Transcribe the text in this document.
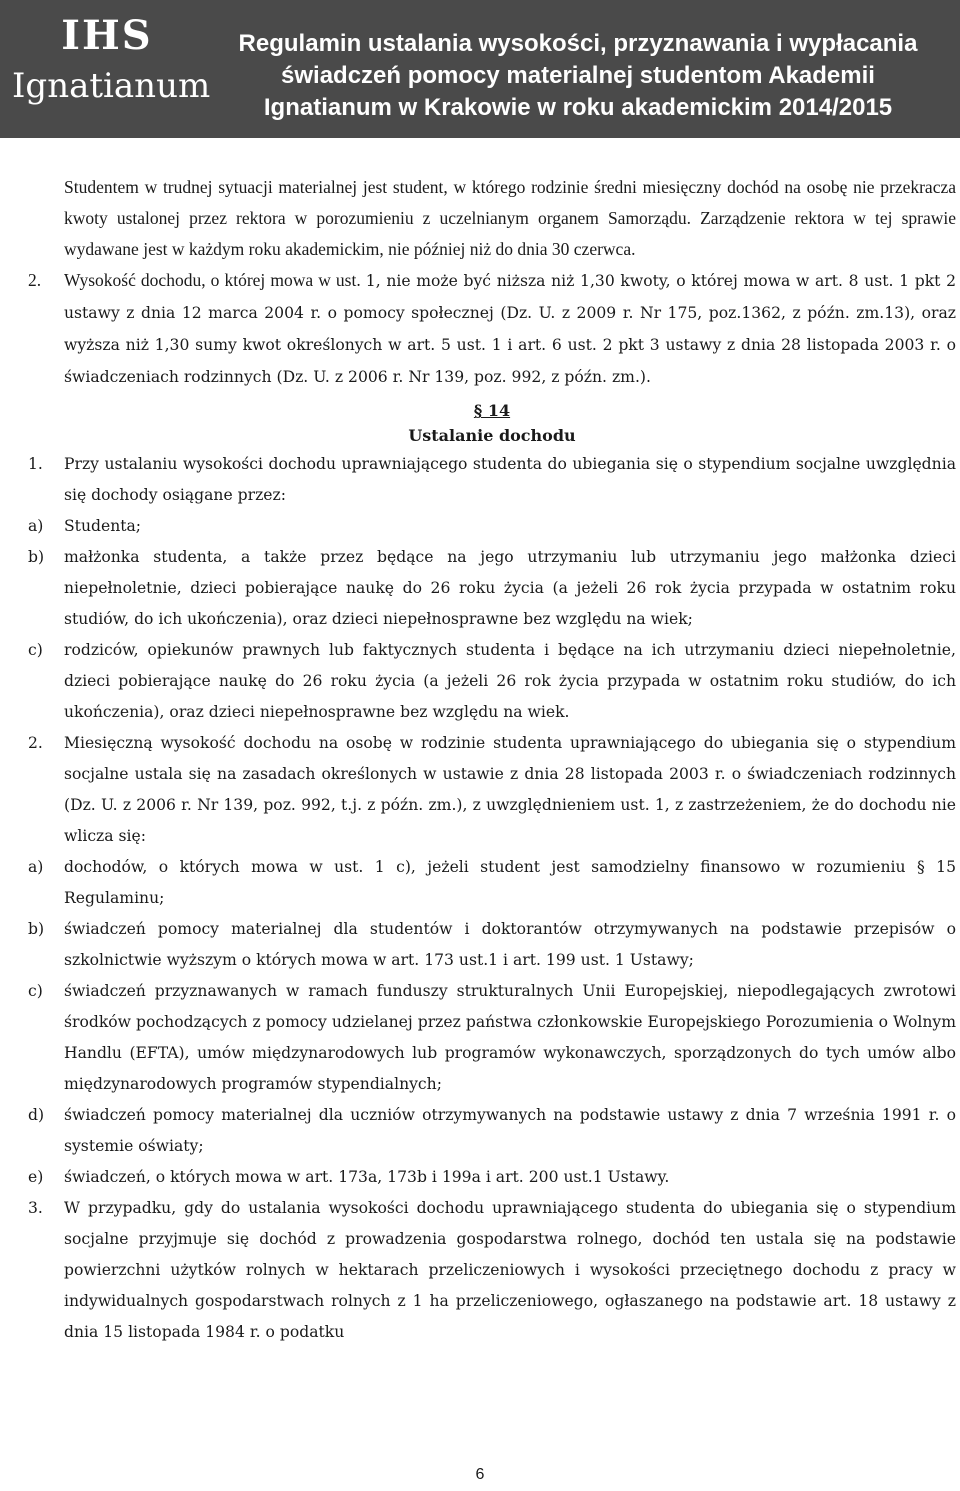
IHS
Ignatianum
Regulamin ustalania wysokości, przyznawania i wypłacania
świadczeń pomocy materialnej studentom Akademii
Ignatianum w Krakowie w roku akademickim 2014/2015

Studentem w trudnej sytuacji materialnej jest student, w którego rodzinie średni miesięczny dochód na osobę nie przekracza kwoty ustalonej przez rektora w porozumieniu z uczelnianym organem Samorządu. Zarządzenie rektora w tej sprawie wydawane jest w każdym roku akademickim, nie później niż do dnia 30 czerwca.

2. Wysokość dochodu, o której mowa w ust. 1, nie może być niższa niż 1,30 kwoty, o której mowa w art. 8 ust. 1 pkt 2 ustawy z dnia 12 marca 2004 r. o pomocy społecznej (Dz. U. z 2009 r. Nr 175, poz.1362, z późn. zm.13), oraz wyższa niż 1,30 sumy kwot określonych w art. 5 ust. 1 i art. 6 ust. 2 pkt 3 ustawy z dnia 28 listopada 2003 r. o świadczeniach rodzinnych (Dz. U. z 2006 r. Nr 139, poz. 992, z późn. zm.).

§ 14
Ustalanie dochodu

1. Przy ustalaniu wysokości dochodu uprawniającego studenta do ubiegania się o stypendium socjalne uwzględnia się dochody osiągane przez:

a) Studenta;

b) małżonka studenta, a także przez będące na jego utrzymaniu lub utrzymaniu jego małżonka dzieci niepełnoletnie, dzieci pobierające naukę do 26 roku życia (a jeżeli 26 rok życia przypada w ostatnim roku studiów, do ich ukończenia), oraz dzieci niepełnosprawne bez względu na wiek;

c) rodziców, opiekunów prawnych lub faktycznych studenta i będące na ich utrzymaniu dzieci niepełnoletnie, dzieci pobierające naukę do 26 roku życia (a jeżeli 26 rok życia przypada w ostatnim roku studiów, do ich ukończenia), oraz dzieci niepełnosprawne bez względu na wiek.

2. Miesięczną wysokość dochodu na osobę w rodzinie studenta uprawniającego do ubiegania się o stypendium socjalne ustala się na zasadach określonych w ustawie z dnia 28 listopada 2003 r. o świadczeniach rodzinnych (Dz. U. z 2006 r. Nr 139, poz. 992, t.j. z późn. zm.), z uwzględnieniem ust. 1, z zastrzeżeniem, że do dochodu nie wlicza się:

a) dochodów, o których mowa w ust. 1 c), jeżeli student jest samodzielny finansowo w rozumieniu § 15 Regulaminu;

b) świadczeń pomocy materialnej dla studentów i doktorantów otrzymywanych na podstawie przepisów o szkolnictwie wyższym o których mowa w art. 173 ust.1 i art. 199 ust. 1 Ustawy;

c) świadczeń przyznawanych w ramach funduszy strukturalnych Unii Europejskiej, niepodlegających zwrotowi środków pochodzących z pomocy udzielanej przez państwa członkowskie Europejskiego Porozumienia o Wolnym Handlu (EFTA), umów międzynarodowych lub programów wykonawczych, sporządzonych do tych umów albo międzynarodowych programów stypendialnych;

d) świadczeń pomocy materialnej dla uczniów otrzymywanych na podstawie ustawy z dnia 7 września 1991 r. o systemie oświaty;

e) świadczeń, o których mowa w art. 173a, 173b i 199a i art. 200 ust.1 Ustawy.

3. W przypadku, gdy do ustalania wysokości dochodu uprawniającego studenta do ubiegania się o stypendium socjalne przyjmuje się dochód z prowadzenia gospodarstwa rolnego, dochód ten ustala się na podstawie powierzchni użytków rolnych w hektarach przeliczeniowych i wysokości przeciętnego dochodu z pracy w indywidualnych gospodarstwach rolnych z 1 ha przeliczeniowego, ogłaszanego na podstawie art. 18 ustawy z dnia 15 listopada 1984 r. o podatku

6
